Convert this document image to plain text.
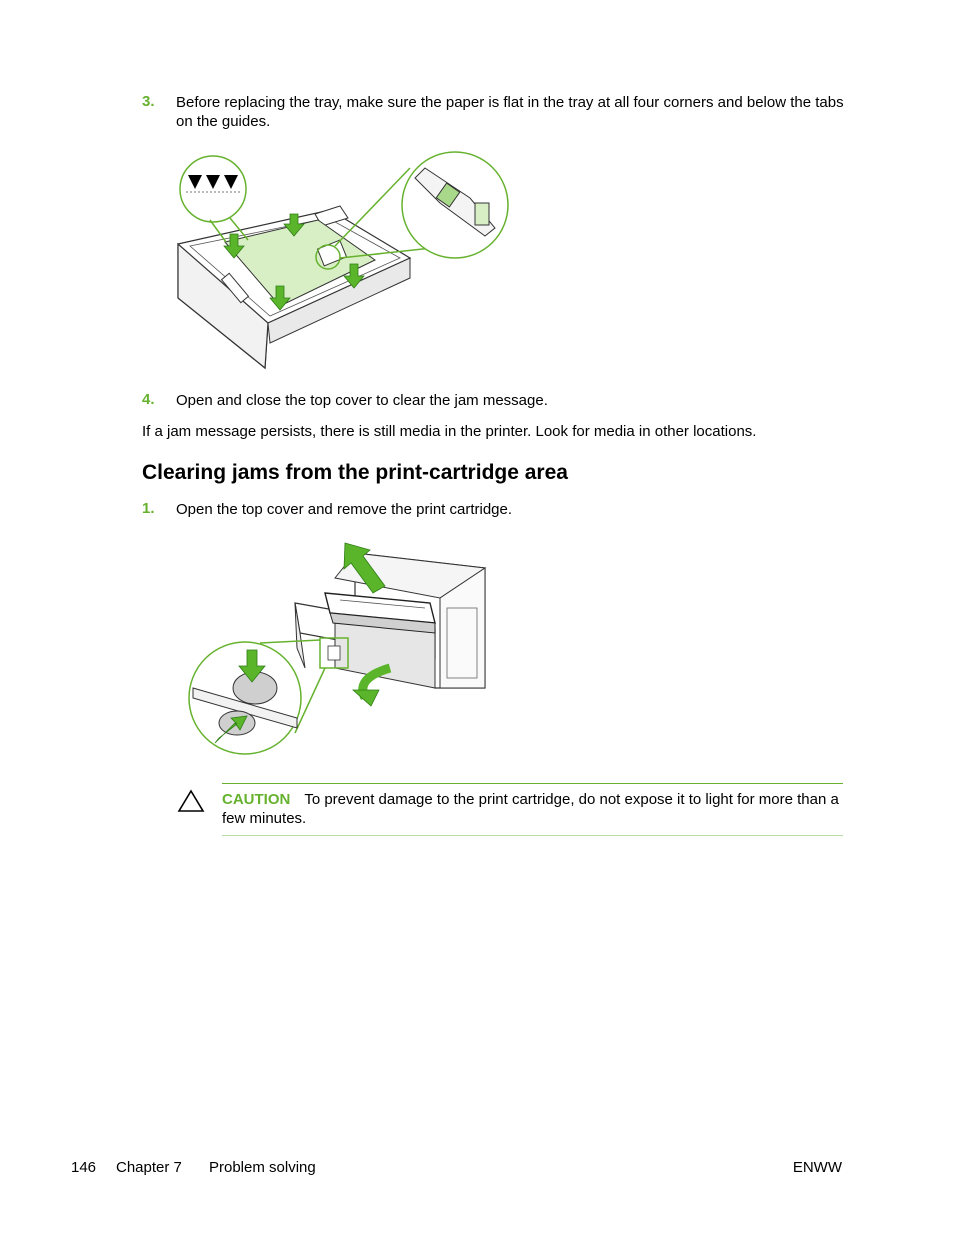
3. Before replacing the tray, make sure the paper is flat in the tray at all four corners and below the tabs on the guides.
4. Open and close the top cover to clear the jam message.
If a jam message persists, there is still media in the printer. Look for media in other locations.
Clearing jams from the print-cartridge area
1. Open the top cover and remove the print cartridge.
CAUTION To prevent damage to the print cartridge, do not expose it to light for more than a few minutes.
146 Chapter 7 Problem solving	ENWW
